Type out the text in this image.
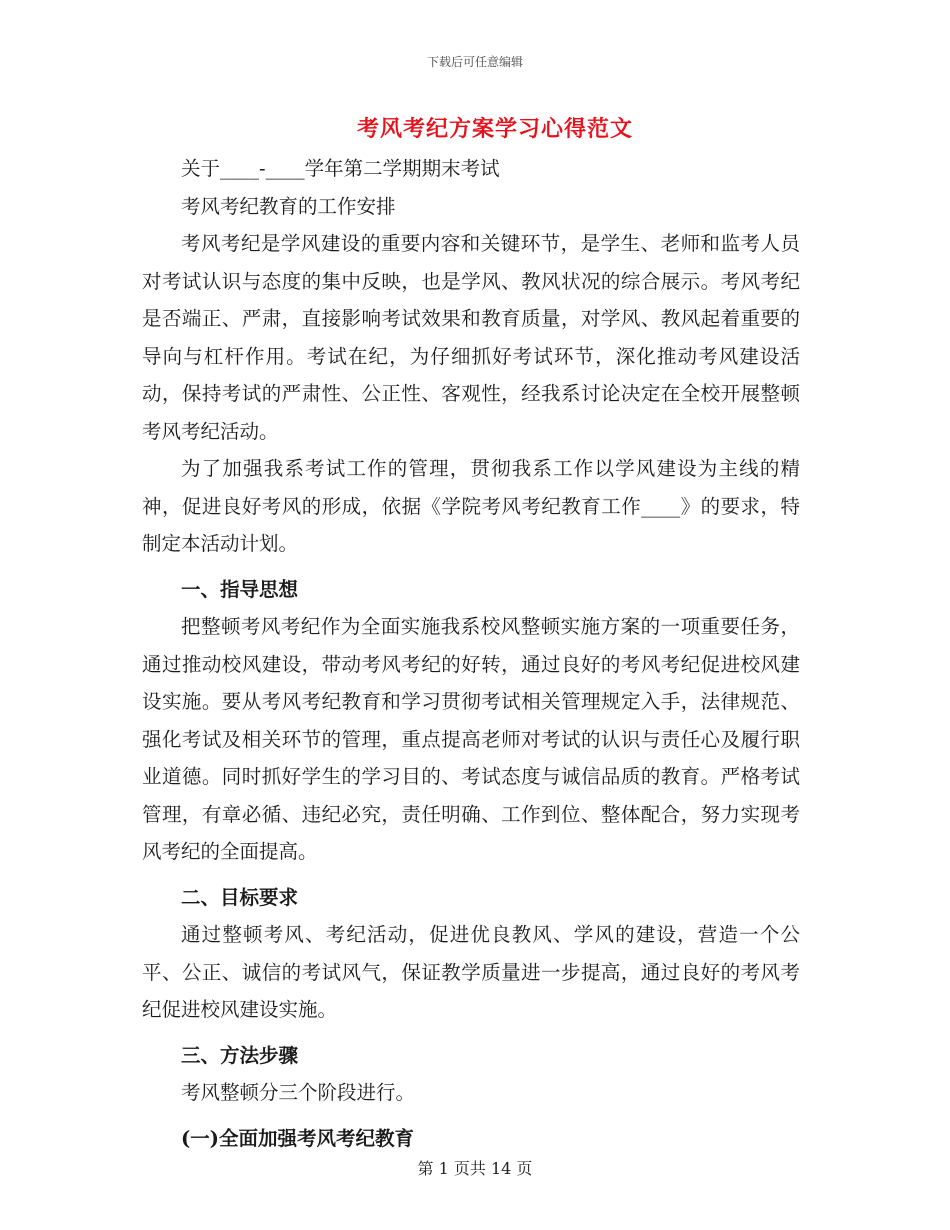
下载后可任意编辑
考风考纪方案学习心得范文

关于____-____学年第二学期期末考试

考风考纪教育的工作安排

考风考纪是学风建设的重要内容和关键环节，是学生、老师和监考人员对考试认识与态度的集中反映，也是学风、教风状况的综合展示。考风考纪是否端正、严肃，直接影响考试效果和教育质量，对学风、教风起着重要的导向与杠杆作用。考试在纪，为仔细抓好考试环节，深化推动考风建设活动，保持考试的严肃性、公正性、客观性，经我系讨论决定在全校开展整顿考风考纪活动。

为了加强我系考试工作的管理，贯彻我系工作以学风建设为主线的精神，促进良好考风的形成，依据《学院考风考纪教育工作____》的要求，特制定本活动计划。

一、指导思想

把整顿考风考纪作为全面实施我系校风整顿实施方案的一项重要任务，通过推动校风建设，带动考风考纪的好转，通过良好的考风考纪促进校风建设实施。要从考风考纪教育和学习贯彻考试相关管理规定入手，法律规范、强化考试及相关环节的管理，重点提高老师对考试的认识与责任心及履行职业道德。同时抓好学生的学习目的、考试态度与诚信品质的教育。严格考试管理，有章必循、违纪必究，责任明确、工作到位、整体配合，努力实现考风考纪的全面提高。

二、目标要求

通过整顿考风、考纪活动，促进优良教风、学风的建设，营造一个公平、公正、诚信的考试风气，保证教学质量进一步提高，通过良好的考风考纪促进校风建设实施。

三、方法步骤

考风整顿分三个阶段进行。

(一)全面加强考风考纪教育

第 1 页共 14 页
